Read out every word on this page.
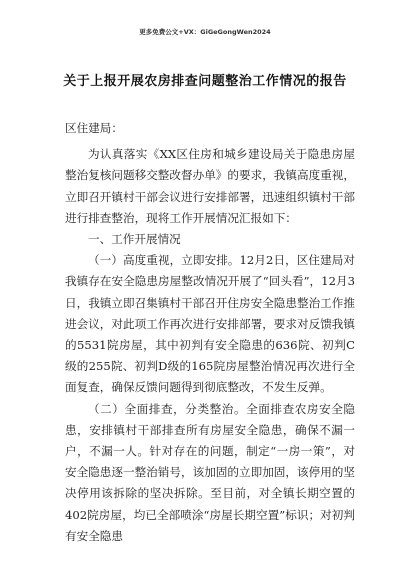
更多免费公文+VX：GiGeGongWen2024
关于上报开展农房排查问题整治工作情况的报告

区住建局：

为认真落实《XX区住房和城乡建设局关于隐患房屋整治复核问题移交整改督办单》的要求，我镇高度重视，立即召开镇村干部会议进行安排部署，迅速组织镇村干部进行排查整治，现将工作开展情况汇报如下：

一、工作开展情况

（一）高度重视，立即安排。12月2日，区住建局对我镇存在安全隐患房屋整改情况开展了“回头看”，12月3日，我镇立即召集镇村干部召开住房安全隐患整治工作推进会议，对此项工作再次进行安排部署，要求对反馈我镇的5531院房屋，其中初判有安全隐患的636院、初判C级的255院、初判D级的165院房屋整治情况再次进行全面复查，确保反馈问题得到彻底整改，不发生反弹。

（二）全面排查，分类整治。全面排查农房安全隐患，安排镇村干部排查所有房屋安全隐患，确保不漏一户，不漏一人。针对存在的问题，制定“一房一策”，对安全隐患逐一整治销号，该加固的立即加固，该停用的坚决停用该拆除的坚决拆除。至目前，对全镇长期空置的402院房屋，均已全部喷涂“房屋长期空置”标识；对初判有安全隐患
